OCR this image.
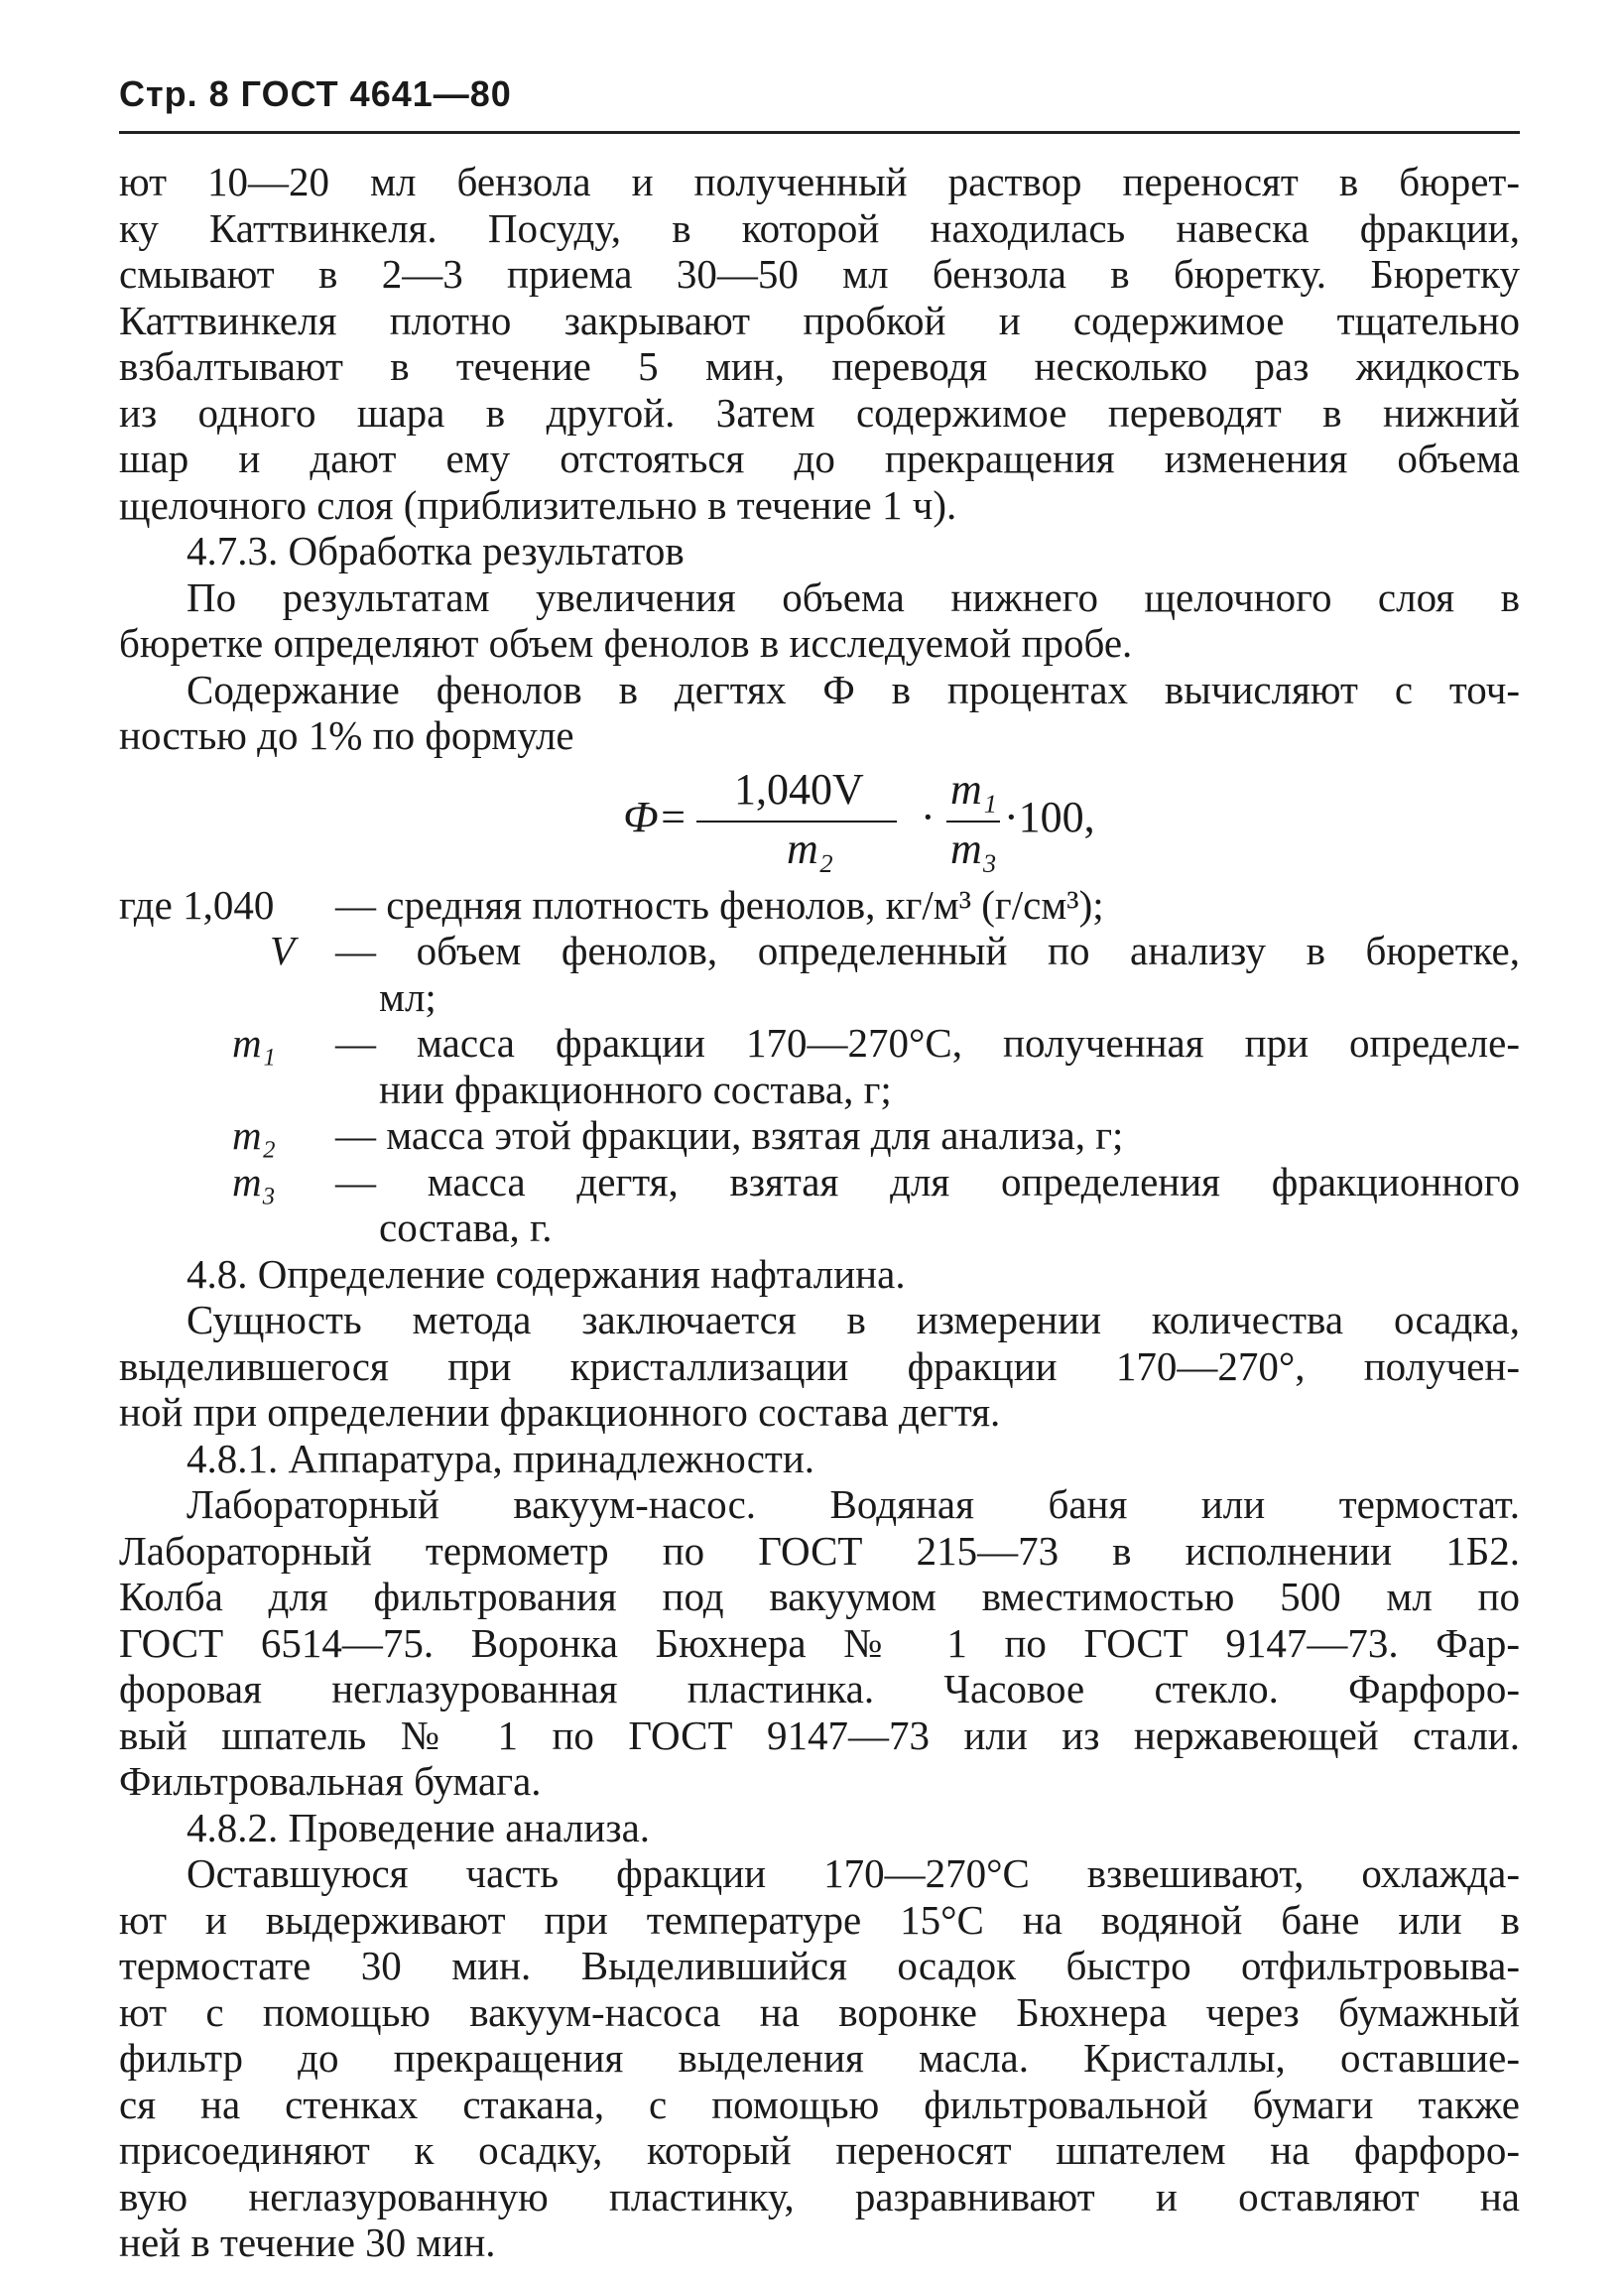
Стр. 8 ГОСТ 4641—80

ют 10—20 мл бензола и полученный раствор переносят в бюрет-

ку Каттвинкеля. Посуду, в которой находилась навеска фракции,

смывают в 2—3 приема 30—50 мл бензола в бюретку. Бюретку

Каттвинкеля плотно закрывают пробкой и содержимое тщательно

взбалтывают в течение 5 мин, переводя несколько раз жидкость

из одного шара в другой. Затем содержимое переводят в нижний

шар и дают ему отстояться до прекращения изменения объема

щелочного слоя (приблизительно в течение 1 ч).

4.7.3. Обработка результатов

По результатам увеличения объема нижнего щелочного слоя в

бюретке определяют объем фенолов в исследуемой пробе.

Содержание фенолов в дегтях Ф в процентах вычисляют с точ-

ностью до 1% по формуле

Ф=
1,040V
m₂
·
m₁
m₃
·100,
где 1,040 — средняя плотность фенолов, кг/м³ (г/см³);

V — объем фенолов, определенный по анализу в бюретке,

мл;

m₁ — масса фракции 170—270°С, полученная при определе-

нии фракционного состава, г;

m₂ — масса этой фракции, взятая для анализа, г;

m₃ — масса дегтя, взятая для определения фракционного

состава, г.

4.8. Определение содержания нафталина.

Сущность метода заключается в измерении количества осадка,

выделившегося при кристаллизации фракции 170—270°, получен-

ной при определении фракционного состава дегтя.

4.8.1. Аппаратура, принадлежности.

Лабораторный вакуум-насос. Водяная баня или термостат.

Лабораторный термометр по ГОСТ 215—73 в исполнении 1Б2.

Колба для фильтрования под вакуумом вместимостью 500 мл по

ГОСТ 6514—75. Воронка Бюхнера № 1 по ГОСТ 9147—73. Фар-

форовая неглазурованная пластинка. Часовое стекло. Фарфоро-

вый шпатель № 1 по ГОСТ 9147—73 или из нержавеющей стали.

Фильтровальная бумага.

4.8.2. Проведение анализа.

Оставшуюся часть фракции 170—270°С взвешивают, охлажда-

ют и выдерживают при температуре 15°С на водяной бане или в

термостате 30 мин. Выделившийся осадок быстро отфильтровыва-

ют с помощью вакуум-насоса на воронке Бюхнера через бумажный

фильтр до прекращения выделения масла. Кристаллы, оставшие-

ся на стенках стакана, с помощью фильтровальной бумаги также

присоединяют к осадку, который переносят шпателем на фарфоро-

вую неглазурованную пластинку, разравнивают и оставляют на

ней в течение 30 мин.
